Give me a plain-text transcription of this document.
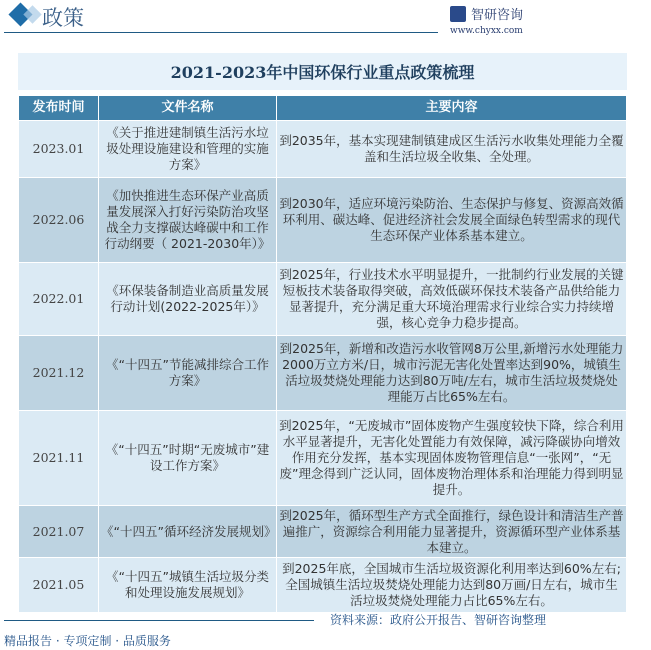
政策	智研咨询
www.chyxx.com
2021-2023年中国环保行业重点政策梳理
发布时间	文件名称	主要内容
2023.01	《关于推进建制镇生活污水垃圾处理设施建设和管理的实施方案》	到2035年，基本实现建制镇建成区生活污水收集处理能力全覆盖和生活垃圾全收集、全处理。
2022.06	《加快推进生态环保产业高质量发展深入打好污染防治攻坚战全力支撑碳达峰碳中和工作行动纲要（ 2021-2030年）》	到2030年，适应环境污染防治、生态保护与修复、资源高效循环利用、碳达峰、促进经济社会发展全面绿色转型需求的现代生态环保产业体系基本建立。
2022.01	《环保装备制造业高质量发展行动计划(2022-2025年）》	到2025年，行业技术水平明显提升，一批制约行业发展的关键短板技术装备取得突破，高效低碳环保技术装备产品供给能力显著提升，充分满足重大环境治理需求行业综合实力持续增强，核心竞争力稳步提高。
2021.12	《“十四五”节能减排综合工作方案》	到2025年，新增和改造污水收管网8万公里,新增污水处理能力2000万立方米/日，城市污泥无害化处置率达到90%，城镇生活垃圾焚烧处理能力达到80万吨/左右，城市生活垃圾焚烧处理能万占比65%左右。
2021.11	《“十四五”时期“无废城市”建设工作方案》	到2025年，“无废城市”固体废物产生强度较快下降，综合利用水平显著提升，无害化处置能力有效保障，减污降碳协向增效作用充分发挥，基本实现固体废物管理信息“一张网”，“无废”理念得到广泛认同，固体废物治理体系和治理能力得到明显提升。
2021.07	《“十四五”循环经济发展规划》	到2025年，循环型生产方式全面推行，绿色设计和清洁生产普遍推广，资源综合利用能力显著提升，资源循环型产业体系基本建立。
2021.05	《“十四五”城镇生活垃圾分类和处理设施发展规划》	到2025年底，全国城市生活垃圾资源化利用率达到60%左右;全国城镇生活垃圾焚烧处理能力达到80万画/日左右，城市生活垃圾焚烧处理能力占比65%左右。
资料来源：政府公开报告、智研咨询整理
精品报告 · 专项定制 · 品质服务
